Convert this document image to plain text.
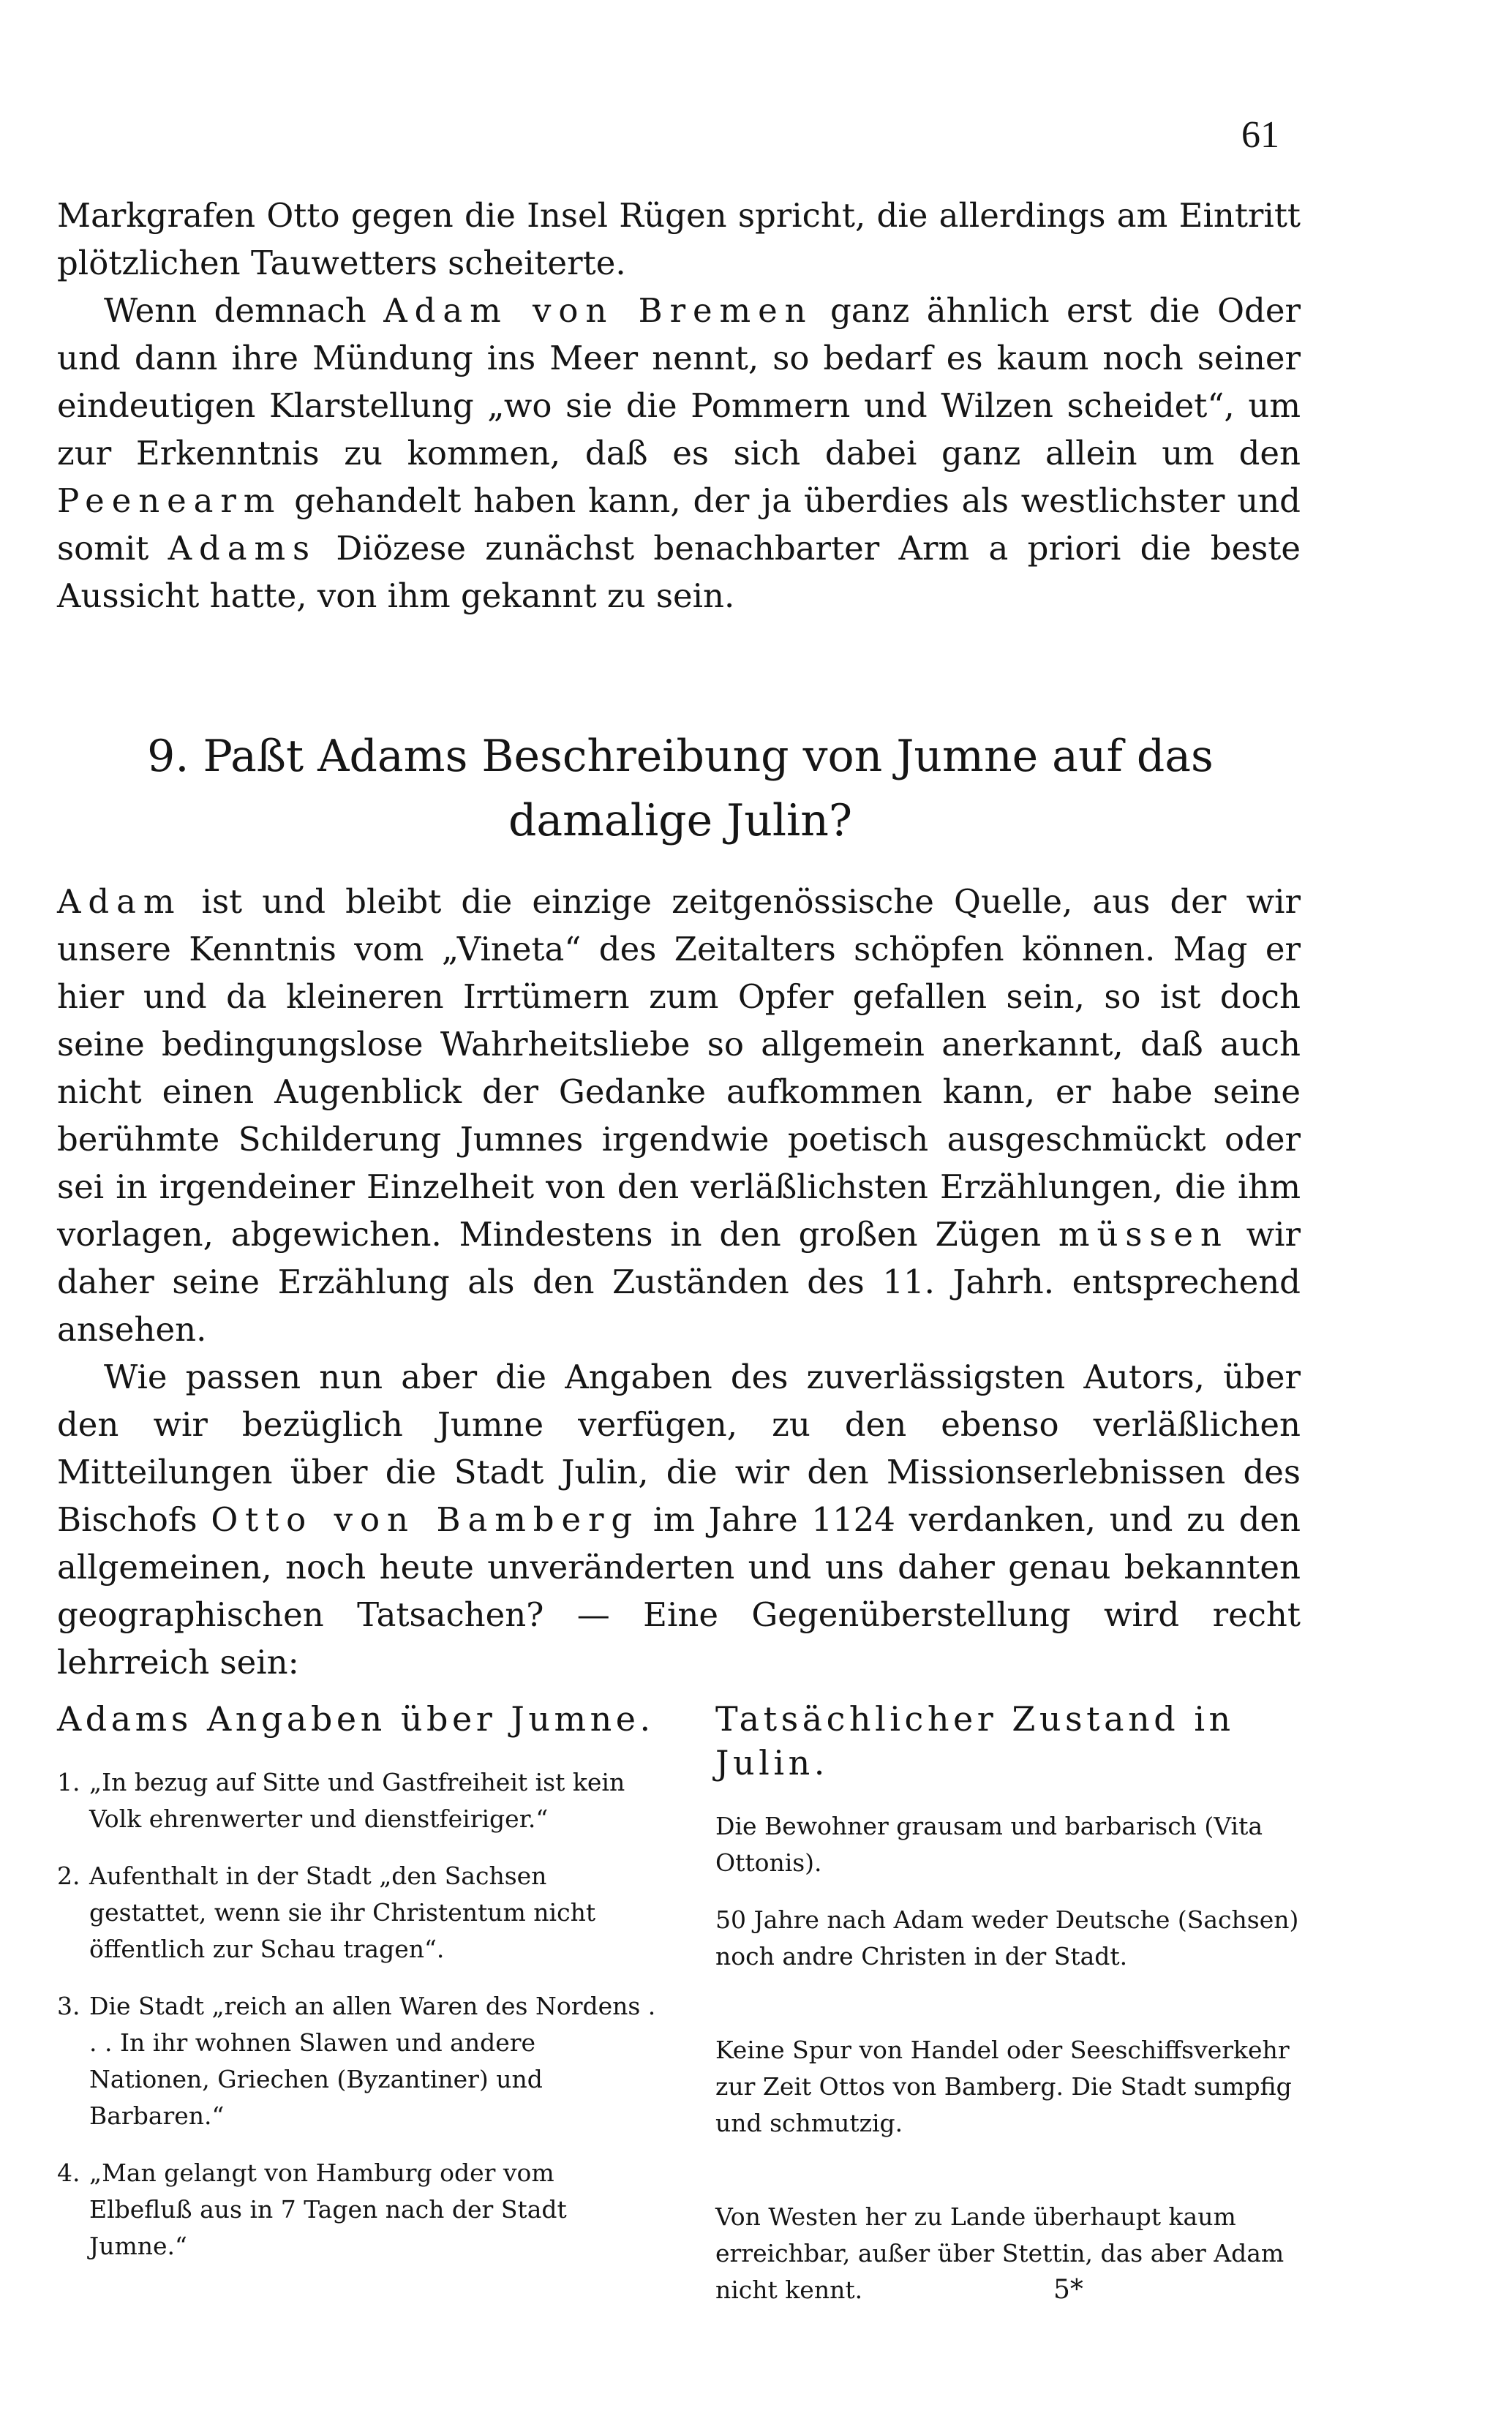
61

Markgrafen Otto gegen die Insel Rügen spricht, die allerdings am Eintritt plötzlichen Tauwetters scheiterte.

Wenn demnach Adam von Bremen ganz ähnlich erst die Oder und dann ihre Mündung ins Meer nennt, so bedarf es kaum noch seiner eindeutigen Klarstellung „wo sie die Pommern und Wilzen scheidet“, um zur Erkenntnis zu kommen, daß es sich dabei ganz allein um den Peenearm gehandelt haben kann, der ja überdies als westlichster und somit Adams Diözese zunächst benachbarter Arm a priori die beste Aussicht hatte, von ihm gekannt zu sein.

9. Paßt Adams Beschreibung von Jumne auf das
damalige Julin?

Adam ist und bleibt die einzige zeitgenössische Quelle, aus der wir unsere Kenntnis vom „Vineta“ des Zeitalters schöpfen können. Mag er hier und da kleineren Irrtümern zum Opfer gefallen sein, so ist doch seine bedingungslose Wahrheitsliebe so allgemein anerkannt, daß auch nicht einen Augenblick der Gedanke aufkommen kann, er habe seine berühmte Schilderung Jumnes irgendwie poetisch ausgeschmückt oder sei in irgendeiner Einzelheit von den verläßlichsten Erzählungen, die ihm vorlagen, abgewichen. Mindestens in den großen Zügen müssen wir daher seine Erzählung als den Zuständen des 11. Jahrh. entsprechend ansehen.

Wie passen nun aber die Angaben des zuverlässigsten Autors, über den wir bezüglich Jumne verfügen, zu den ebenso verläßlichen Mitteilungen über die Stadt Julin, die wir den Missionserlebnissen des Bischofs Otto von Bamberg im Jahre 1124 verdanken, und zu den allgemeinen, noch heute unveränderten und uns daher genau bekannten geographischen Tatsachen? — Eine Gegenüberstellung wird recht lehrreich sein:

Adams Angaben über Jumne.
1. „In bezug auf Sitte und Gastfreiheit ist kein Volk ehrenwerter und dienstfeiriger.“
2. Aufenthalt in der Stadt „den Sachsen gestattet, wenn sie ihr Christentum nicht öffentlich zur Schau tragen“.
3. Die Stadt „reich an allen Waren des Nordens . . . In ihr wohnen Slawen und andere Nationen, Griechen (Byzantiner) und Barbaren.“
4. „Man gelangt von Hamburg oder vom Elbefluß aus in 7 Tagen nach der Stadt Jumne.“
Tatsächlicher Zustand in Julin.
Die Bewohner grausam und barbarisch (Vita Ottonis).
50 Jahre nach Adam weder Deutsche (Sachsen) noch andre Christen in der Stadt.
Keine Spur von Handel oder Seeschiffsverkehr zur Zeit Ottos von Bamberg. Die Stadt sumpfig und schmutzig.
Von Westen her zu Lande überhaupt kaum erreichbar, außer über Stettin, das aber Adam nicht kennt.	5*
